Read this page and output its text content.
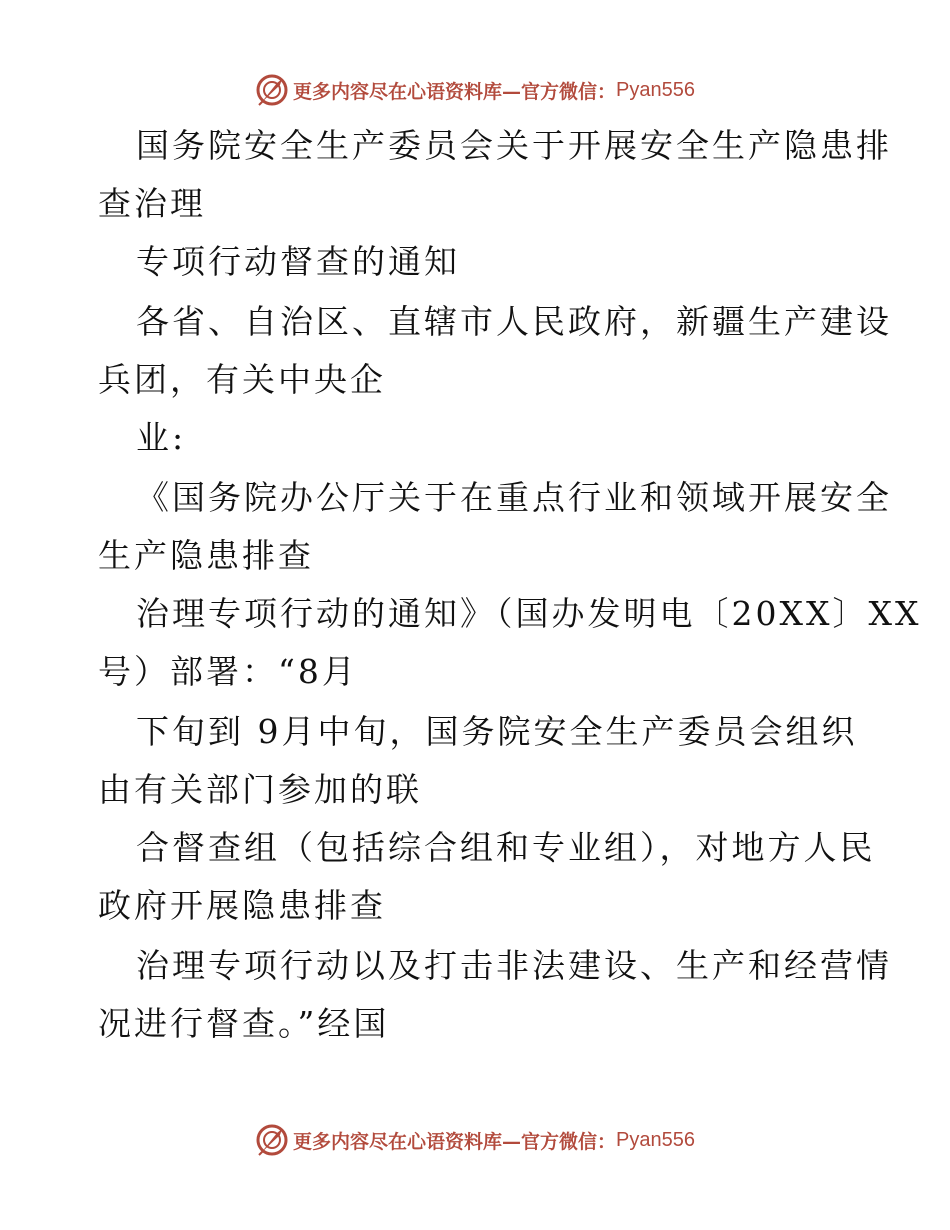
更多内容尽在心语资料库—官方微信： Pyan556
国务院安全生产委员会关于开展安全生产隐患排
查治理
专项行动督查的通知
各省、自治区、直辖市人民政府，新疆生产建设
兵团，有关中央企
业:
《国务院办公厅关于在重点行业和领域开展安全
生产隐患排查
治理专项行动的通知》（国办发明电〔20XX〕XX
号）部署：“8月
下旬到 9月中旬，国务院安全生产委员会组织
由有关部门参加的联
合督查组（包括综合组和专业组），对地方人民
政府开展隐患排查
治理专项行动以及打击非法建设、生产和经营情
况进行督查。”经国
更多内容尽在心语资料库—官方微信： Pyan556
